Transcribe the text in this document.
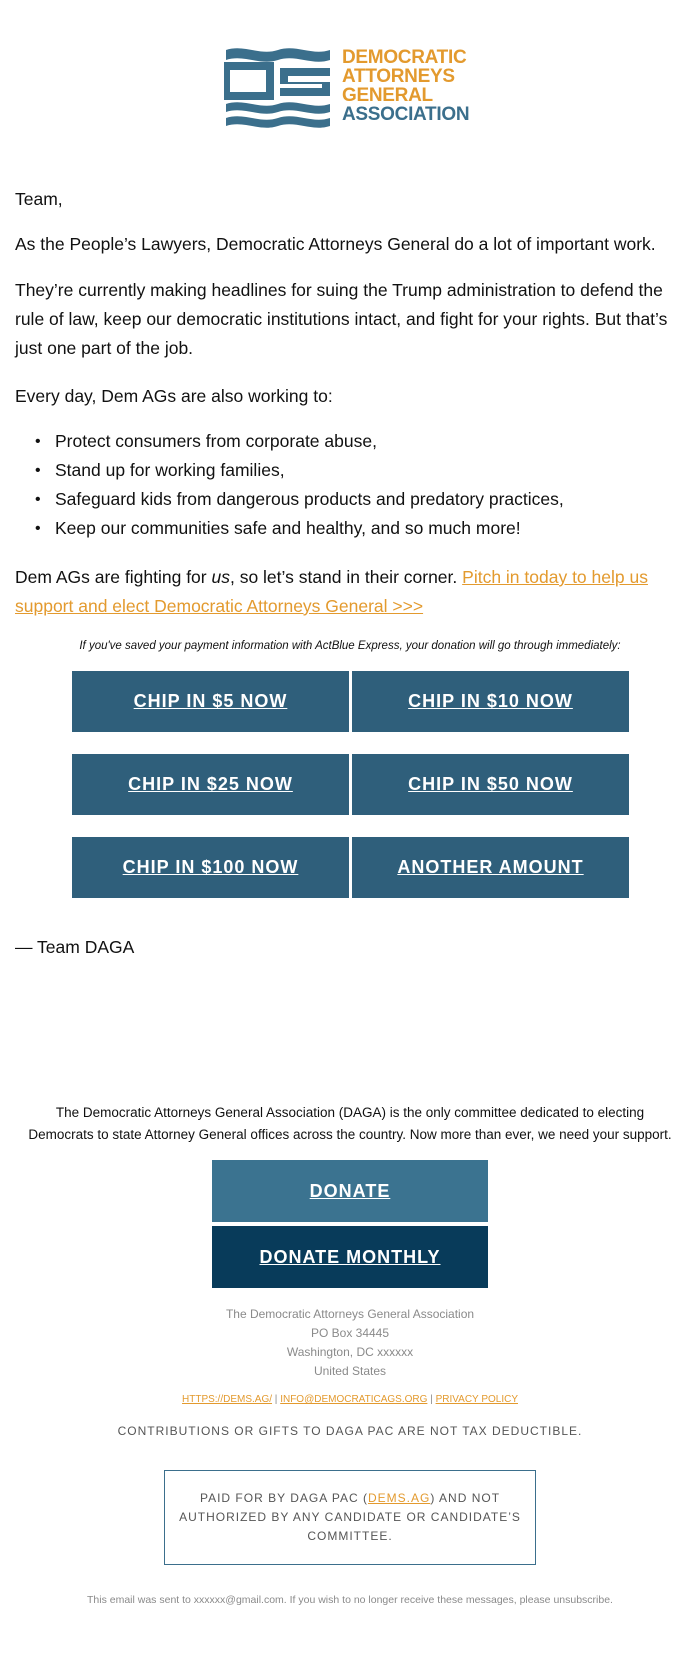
DEMOCRATIC
ATTORNEYS
GENERAL
ASSOCIATION

Team,

As the People’s Lawyers, Democratic Attorneys General do a lot of important work.

They’re currently making headlines for suing the Trump administration to defend the rule of law, keep our democratic institutions intact, and fight for your rights. But that’s just one part of the job.

Every day, Dem AGs are also working to:

• Protect consumers from corporate abuse,
• Stand up for working families,
• Safeguard kids from dangerous products and predatory practices,
• Keep our communities safe and healthy, and so much more!

Dem AGs are fighting for us, so let’s stand in their corner. Pitch in today to help us support and elect Democratic Attorneys General >>>

If you've saved your payment information with ActBlue Express, your donation will go through immediately:

CHIP IN $5 NOW	CHIP IN $10 NOW
CHIP IN $25 NOW	CHIP IN $50 NOW
CHIP IN $100 NOW	ANOTHER AMOUNT

— Team DAGA

The Democratic Attorneys General Association (DAGA) is the only committee dedicated to electing
Democrats to state Attorney General offices across the country. Now more than ever, we need your support.
DONATE
DONATE MONTHLY
The Democratic Attorneys General Association
PO Box 34445
Washington, DC xxxxxx
United States
HTTPS://DEMS.AG/ | INFO@DEMOCRATICAGS.ORG | PRIVACY POLICY

CONTRIBUTIONS OR GIFTS TO DAGA PAC ARE NOT TAX DEDUCTIBLE.

PAID FOR BY DAGA PAC (DEMS.AG) AND NOT AUTHORIZED BY ANY CANDIDATE OR CANDIDATE’S COMMITTEE.

This email was sent to xxxxxx@gmail.com. If you wish to no longer receive these messages, please unsubscribe.
